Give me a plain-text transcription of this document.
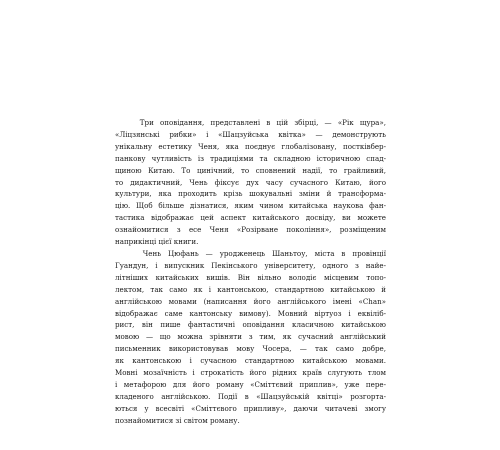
Три оповідання, представлені в цій збірці, — «Рік щура»,
«Ліцзянські рибки» і «Шацзуйська квітка» — демонструють
унікальну естетику Ченя, яка поєднує глобалізовану, постківбер-
панкову чутливість із традиціями та складною історичною спад-
щиною Китаю. То цинічний, то сповнений надії, то грайливий,
то дидактичний, Чень фіксує дух часу сучасного Китаю, його
культури, яка проходить крізь шокувальні зміни й трансформа-
цію. Щоб більше дізнатися, яким чином китайська наукова фан-
тастика відображає цей аспект китайського досвіду, ви можете
ознайомитися з есе Ченя «Розірване покоління», розміщеним
наприкінці цієї книги.

Чень Цюфань — уродженець Шаньтоу, міста в провінції
Гуандун, і випускник Пекінського університету, одного з найе-
літніших китайських вишів. Він вільно володіє місцевим топо-
лектом, так само як і кантонською, стандартною китайською й
англійською мовами (написання його англійського імені «Chan»
відображає саме кантонську вимову). Мовний віртуоз і еквіліб-
рист, він пише фантастичні оповідання класичною китайською
мовою — що можна зрівняти з тим, як сучасний англійський
письменник використовував мову Чосера, — так само добре,
як кантонською і сучасною стандартною китайською мовами.
Мовні мозаїчність і строкатість його рідних країв слугують тлом
і метафорою для його роману «Сміттєвий приплив», уже пере-
кладеного англійською. Події в «Шацзуйській квітці» розгорта-
ються у всесвіті «Сміттєвого припливу», даючи читачеві змогу
познайомитися зі світом роману.
